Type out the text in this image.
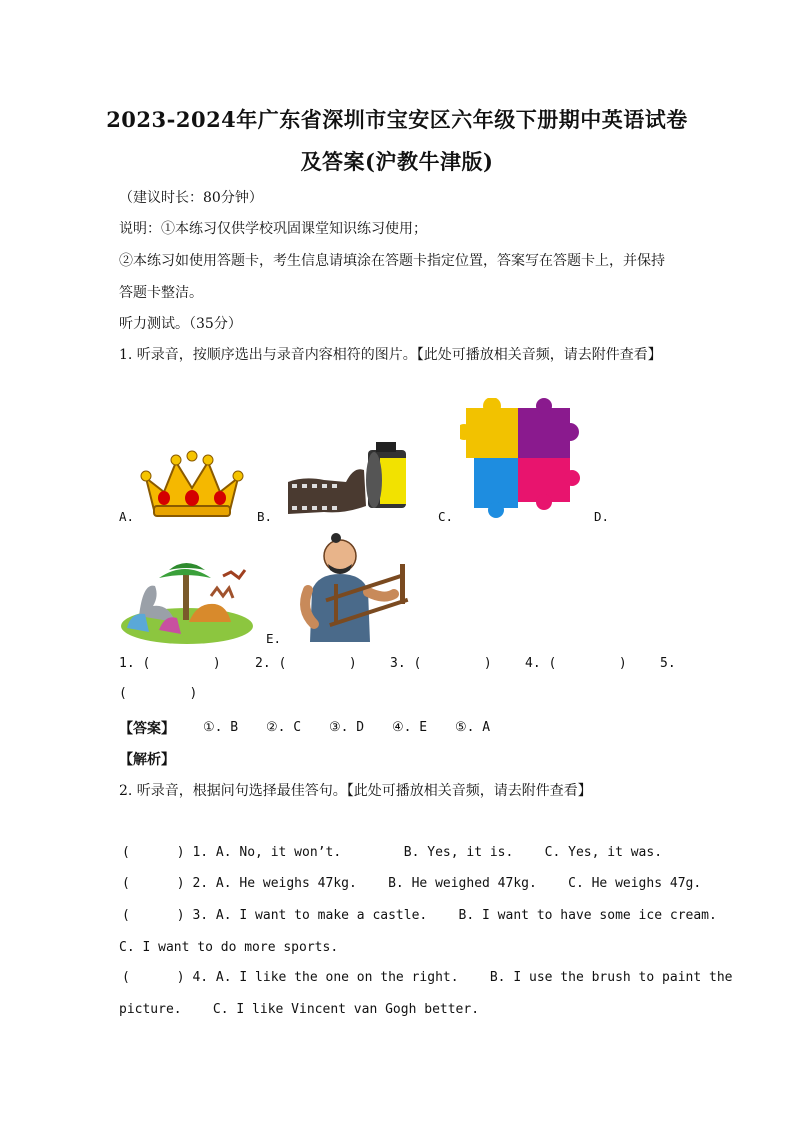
2023-2024年广东省深圳市宝安区六年级下册期中英语试卷
及答案(沪教牛津版)
（建议时长：80分钟）
说明：①本练习仅供学校巩固课堂知识练习使用；
②本练习如使用答题卡，考生信息请填涂在答题卡指定位置，答案写在答题卡上，并保持
答题卡整洁。
听力测试。（35分）
1. 听录音，按顺序选出与录音内容相符的图片。【此处可播放相关音频，请去附件查看】
A.	B.	C.	D.
E.
1. (        )	2. (        )	3. (        )	4. (        )	5.
(        )
【答案】 ①. B ②. C ③. D ④. E ⑤. A
【解析】
2. 听录音，根据问句选择最佳答句。【此处可播放相关音频，请去附件查看】
(      ) 1. A. No, it won’t.        B. Yes, it is.    C. Yes, it was.
(      ) 2. A. He weighs 47kg.    B. He weighed 47kg.    C. He weighs 47g.
(      ) 3. A. I want to make a castle.    B. I want to have some ice cream.
C. I want to do more sports.
(      ) 4. A. I like the one on the right.    B. I use the brush to paint the
picture.    C. I like Vincent van Gogh better.
